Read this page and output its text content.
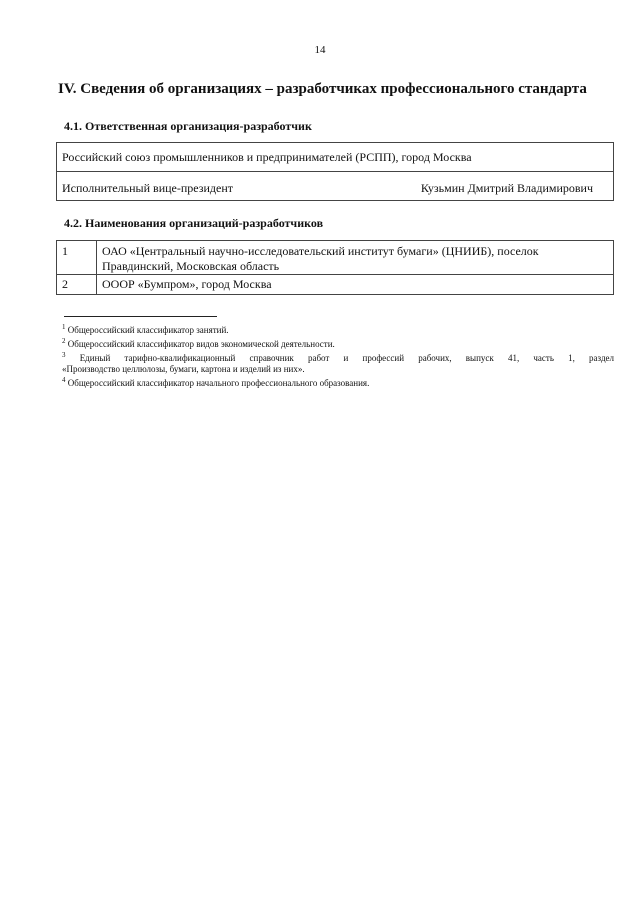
14
IV. Сведения об организациях – разработчиках профессионального стандарта
4.1. Ответственная организация-разработчик
Российский союз промышленников и предпринимателей (РСПП), город Москва

Исполнительный вице-президент	Кузьмин Дмитрий Владимирович
4.2. Наименования организаций-разработчиков
1	ОАО «Центральный научно-исследовательский институт бумаги» (ЦНИИБ), поселок
Правдинский, Московская область

2	ОООР «Бумпром», город Москва

$^1$ Общероссийский классификатор занятий.

$^2$ Общероссийский классификатор видов экономической деятельности.

$^3$ Единый тарифно-квалификационный справочник работ и профессий рабочих, выпуск 41, часть 1, раздел

«Производство целлюлозы, бумаги, картона и изделий из них».

$^4$ Общероссийский классификатор начального профессионального образования.
